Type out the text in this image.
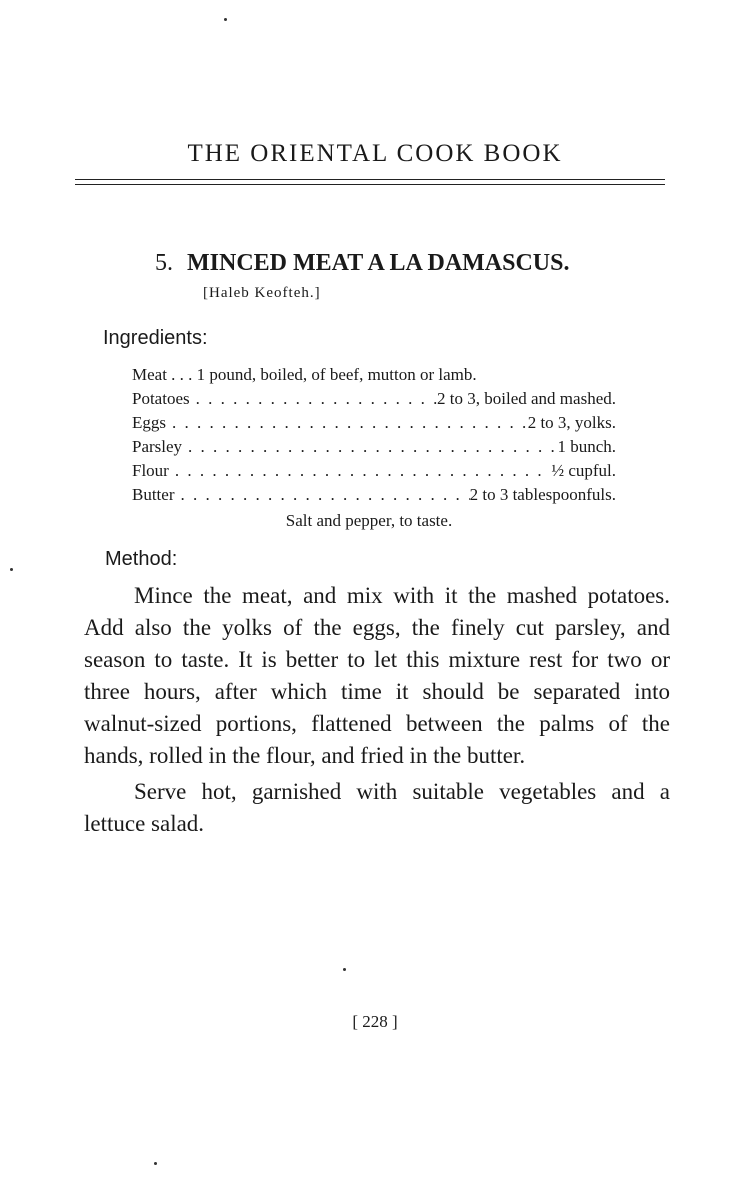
THE ORIENTAL COOK BOOK
5. MINCED MEAT A LA DAMASCUS.
[Haleb Keofteh.]
Ingredients:
Meat . . . 1 pound, boiled, of beef, mutton or lamb.
Potatoes . . .	2 to 3, boiled and mashed.
Eggs . . .	2 to 3, yolks.
Parsley . . .	1 bunch.
Flour . . .	½ cupful.
Butter . . .	2 to 3 tablespoonfuls.
Salt and pepper, to taste.
Method:

Mince the meat, and mix with it the mashed potatoes. Add also the yolks of the eggs, the finely cut parsley, and season to taste. It is better to let this mixture rest for two or three hours, after which time it should be separated into walnut-sized portions, flattened between the palms of the hands, rolled in the flour, and fried in the butter.

Serve hot, garnished with suitable vegetables and a lettuce salad.

[ 228 ]
